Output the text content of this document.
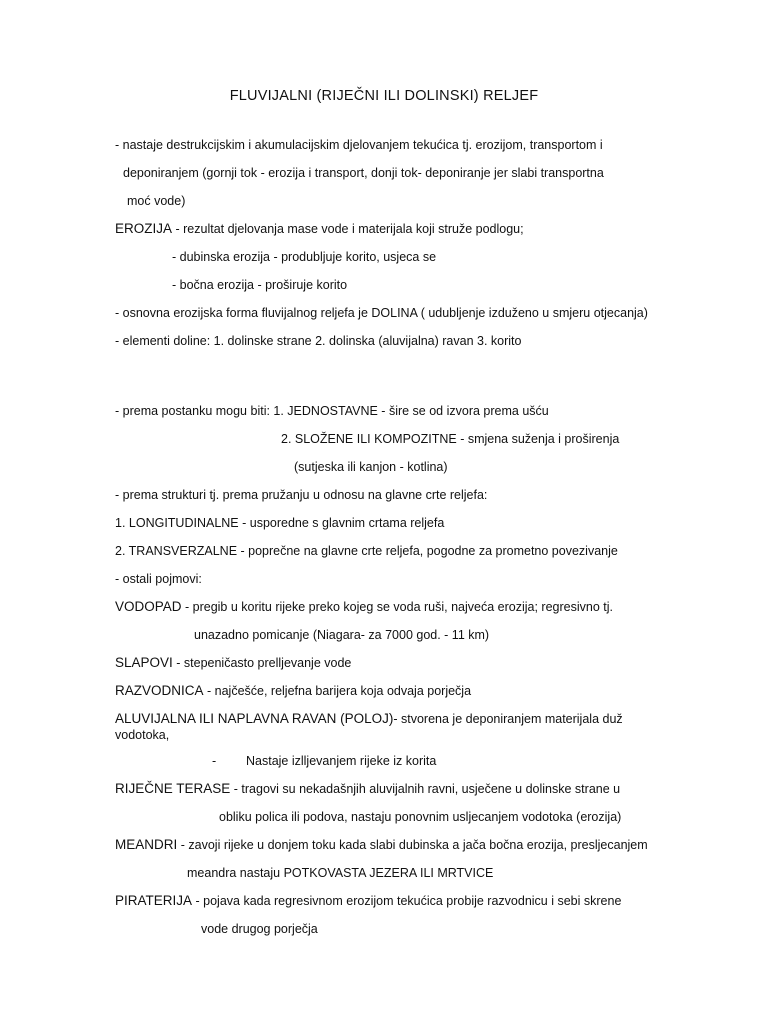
FLUVIJALNI (RIJEČNI ILI DOLINSKI) RELJEF
- nastaje destrukcijskim i akumulacijskim djelovanjem tekućica tj. erozijom, transportom i
deponiranjem (gornji tok - erozija i transport, donji tok- deponiranje jer slabi transportna
moć vode)
EROZIJA - rezultat djelovanja mase vode i materijala koji struže podlogu;
- dubinska erozija - produbljuje korito, usjeca se
- bočna erozija - proširuje korito
- osnovna erozijska forma fluvijalnog reljefa je DOLINA ( udubljenje izduženo u smjeru otjecanja)
- elementi doline: 1. dolinske strane 2. dolinska (aluvijalna) ravan 3. korito
- prema postanku mogu biti: 1. JEDNOSTAVNE - šire se od izvora prema ušću
2. SLOŽENE ILI KOMPOZITNE - smjena suženja i proširenja
(sutjeska ili kanjon - kotlina)
- prema strukturi tj. prema pružanju u odnosu na glavne crte reljefa:
1. LONGITUDINALNE - usporedne s glavnim crtama reljefa
2. TRANSVERZALNE - poprečne na glavne crte reljefa, pogodne za prometno povezivanje
- ostali pojmovi:
VODOPAD - pregib u koritu rijeke preko kojeg se voda ruši, najveća erozija; regresivno tj.
unazadno pomicanje (Niagara- za 7000 god. - 11 km)
SLAPOVI - stepeničasto prelljevanje vode
RAZVODNICA - najčešće, reljefna barijera koja odvaja porječja
ALUVIJALNA ILI NAPLAVNA RAVAN (POLOJ)- stvorena je deponiranjem materijala duž
vodotoka,
- Nastaje izlljevanjem rijeke iz korita
RIJEČNE TERASE - tragovi su nekadašnjih aluvijalnih ravni, usječene u dolinske strane u
obliku polica ili podova, nastaju ponovnim usljecanjem vodotoka (erozija)
MEANDRI - zavoji rijeke u donjem toku kada slabi dubinska a jača bočna erozija, presljecanjem
meandra nastaju POTKOVASTA JEZERA ILI MRTVICE
PIRATERIJA - pojava kada regresivnom erozijom tekućica probije razvodnicu i sebi skrene
vode drugog porječja
